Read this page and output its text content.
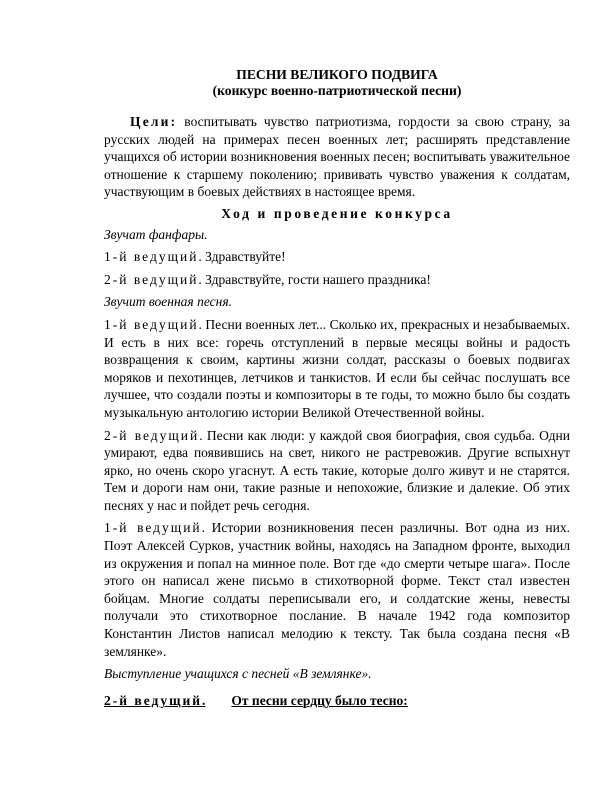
ПЕСНИ ВЕЛИКОГО ПОДВИГА
(конкурс военно-патриотической песни)

Цели: воспитывать чувство патриотизма, гордости за свою страну, за русских людей на примерах песен военных лет; расширять представление учащихся об истории возникновения военных песен; воспитывать уважительное отношение к старшему поколению; прививать чувство уважения к солдатам, участвующим в боевых действиях в настоящее время.

Ход и проведение конкурса

Звучат фанфары.

1-й ведущий. Здравствуйте!

2-й ведущий. Здравствуйте, гости нашего праздника!

Звучит военная песня.

1-й ведущий. Песни военных лет... Сколько их, прекрасных и незабываемых. И есть в них все: горечь отступлений в первые месяцы войны и радость возвращения к своим, картины жизни солдат, рассказы о боевых подвигах моряков и пехотинцев, летчиков и танкистов. И если бы сейчас послушать все лучшее, что создали поэты и композиторы в те годы, то можно было бы создать музыкальную антологию истории Великой Отечественной войны.

2-й ведущий. Песни как люди: у каждой своя биография, своя судьба. Одни умирают, едва появившись на свет, никого не растревожив. Другие вспыхнут ярко, но очень скоро угаснут. А есть такие, которые долго живут и не старятся. Тем и дороги нам они, такие разные и непохожие, близкие и далекие. Об этих песнях у нас и пойдет речь сегодня.

1-й ведущий. Истории возникновения песен различны. Вот одна из них. Поэт Алексей Сурков, участник войны, находясь на Западном фронте, выходил из окружения и попал на минное поле. Вот где «до смерти четыре шага». После этого он написал жене письмо в стихотворной форме. Текст стал известен бойцам. Многие солдаты переписывали его, и солдатские жены, невесты получали это стихотворное послание. В начале 1942 года композитор Константин Листов написал мелодию к тексту. Так была создана песня «В землянке».

Выступление учащихся с песней «В землянке».

2-й ведущий. От песни сердцу было тесно:
